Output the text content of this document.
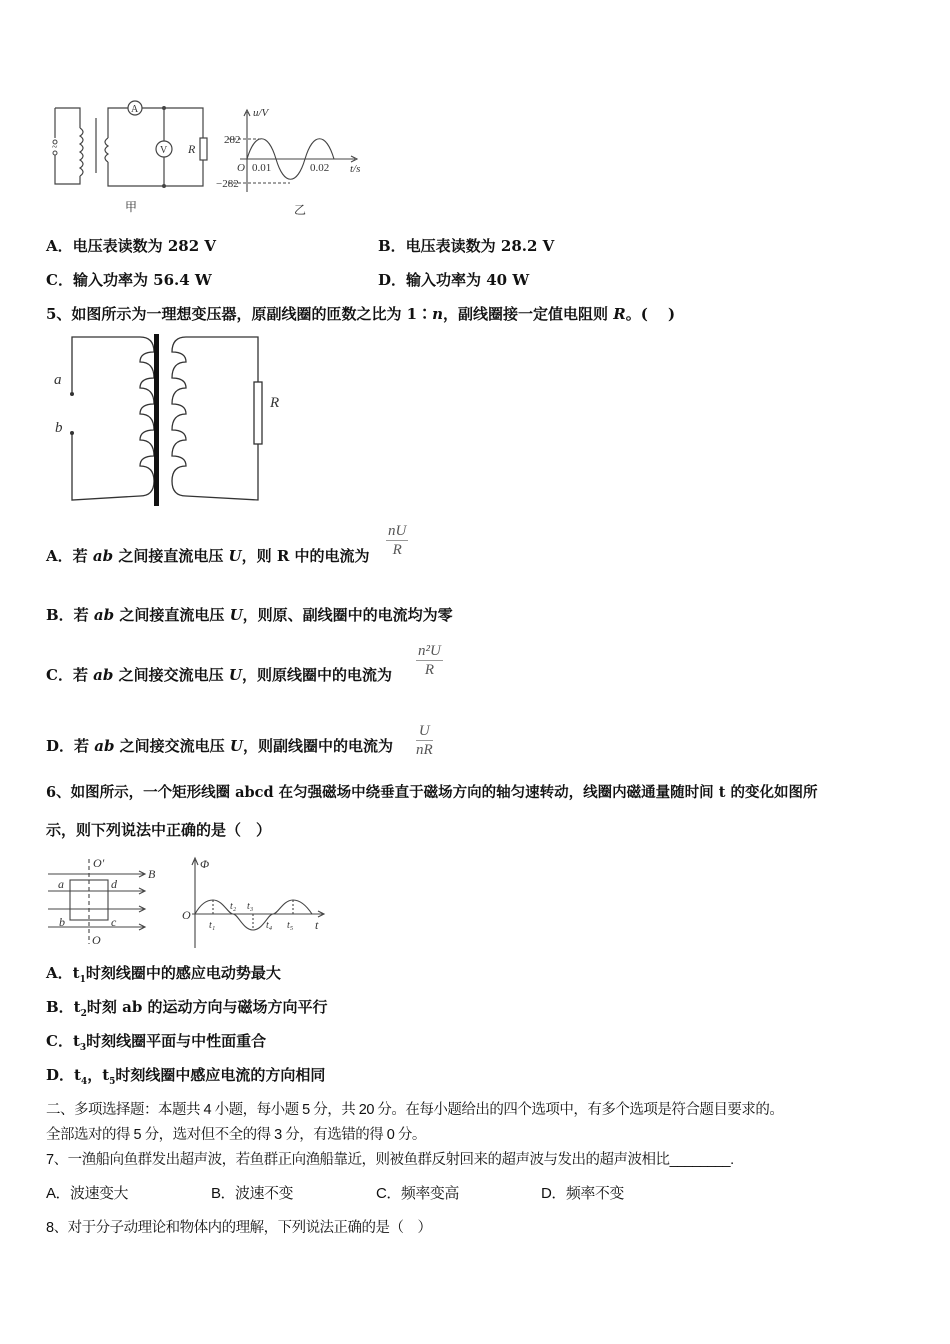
~
A
V R
甲
u/V
282
−282
O 0.01	0.02 t/s
乙
A．电压表读数为 282 V	B．电压表读数为 28.2 V
C．输入功率为 56.4 W	D．输入功率为 40 W
5、如图所示为一理想变压器，原副线圈的匝数之比为 1∶n，副线圈接一定值电阻则 R。(　 )
a
b
R
A．若 ab 之间接直流电压 U，则 R 中的电流为 $\frac{nU}{R}$
B．若 ab 之间接直流电压 U，则原、副线圈中的电流均为零
C．若 ab 之间接交流电压 U，则原线圈中的电流为 $\frac{\text{n²U}}{R}$
D．若 ab 之间接交流电压 U，则副线圈中的电流为 $\frac{U}{nR}$
6、如图所示，一个矩形线圈 abcd 在匀强磁场中绕垂直于磁场方向的轴匀速转动，线圈内磁通量随时间 t 的变化如图所
示，则下列说法中正确的是（　）
O′
B
a	d
b	c
O
Φ
O
t₁
t₂ t₃
t₄ t₅ t
A．$t_1$时刻线圈中的感应电动势最大
B．$t_2$时刻 ab 的运动方向与磁场方向平行
C．$t_3$时刻线圈平面与中性面重合
D．$t_4$，$t_5$时刻线圈中感应电流的方向相同
二、多项选择题：本题共 4 小题，每小题 5 分，共 20 分。在每小题给出的四个选项中，有多个选项是符合题目要求的。
全部选对的得 5 分，选对但不全的得 3 分，有选错的得 0 分。
7、一渔船向鱼群发出超声波，若鱼群正向渔船靠近，则被鱼群反射回来的超声波与发出的超声波相比________.
A．波速变大	B．波速不变	C．频率变高	D．频率不变
8、对于分子动理论和物体内的理解，下列说法正确的是（　）
